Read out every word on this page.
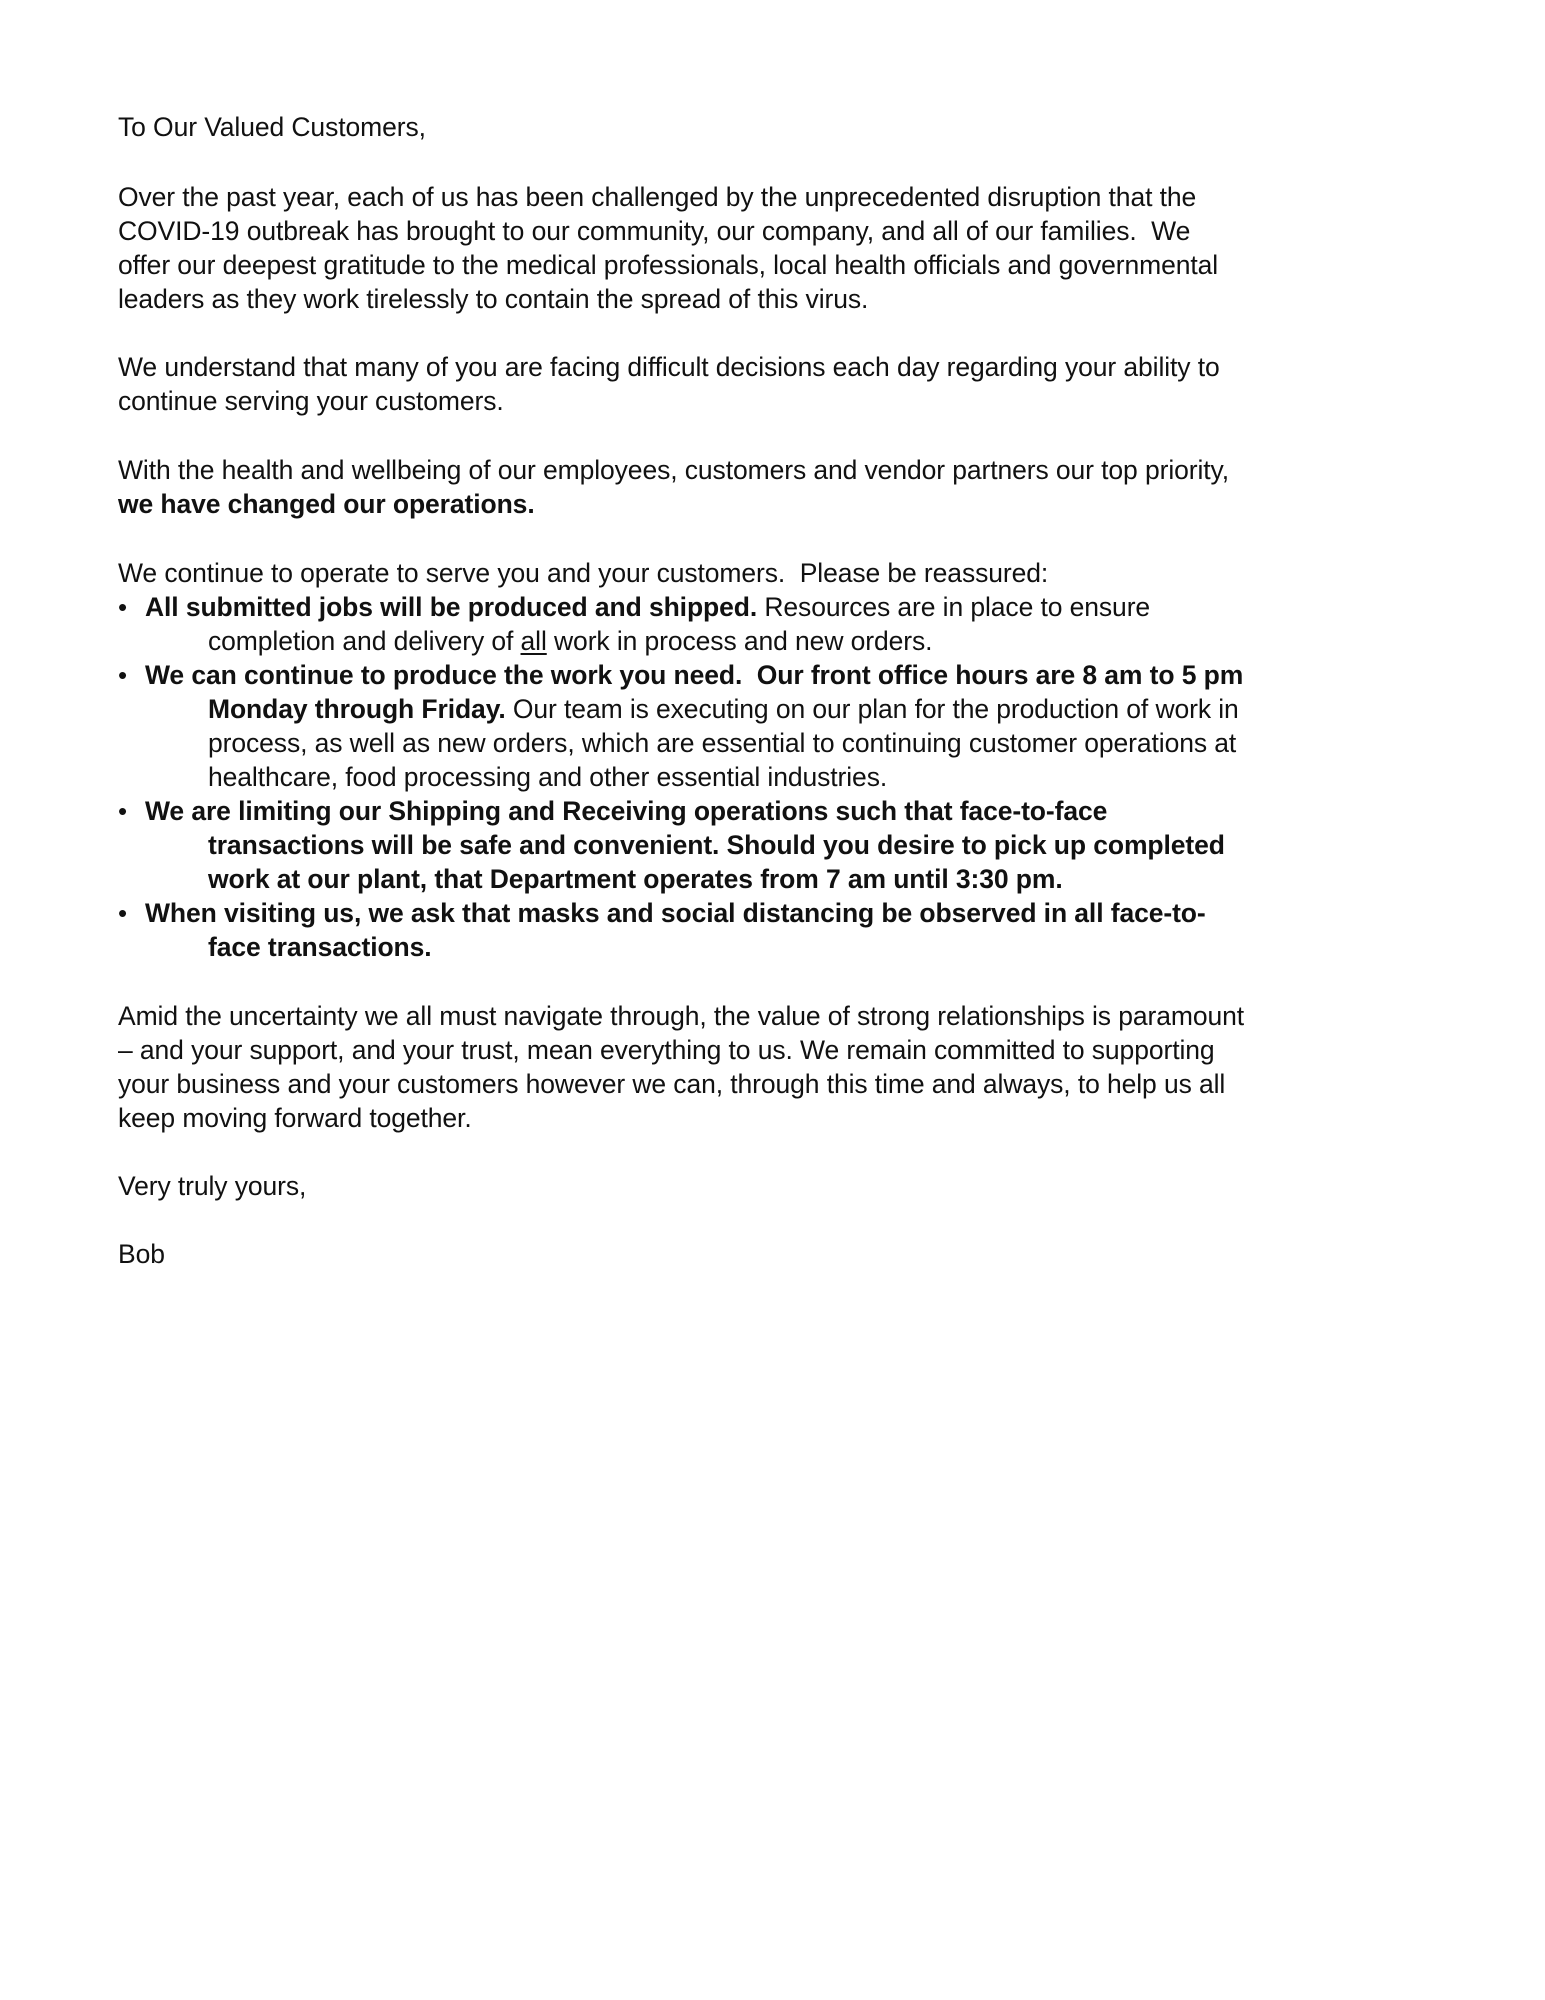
To Our Valued Customers,
Over the past year, each of us has been challenged by the unprecedented disruption that the
COVID-19 outbreak has brought to our community, our company, and all of our families.  We
offer our deepest gratitude to the medical professionals, local health officials and governmental
leaders as they work tirelessly to contain the spread of this virus.
We understand that many of you are facing difficult decisions each day regarding your ability to
continue serving your customers.
With the health and wellbeing of our employees, customers and vendor partners our top priority,
we have changed our operations.
We continue to operate to serve you and your customers.  Please be reassured:
• All submitted jobs will be produced and shipped. Resources are in place to ensure
completion and delivery of all work in process and new orders.
• We can continue to produce the work you need.  Our front office hours are 8 am to 5 pm
Monday through Friday. Our team is executing on our plan for the production of work in
process, as well as new orders, which are essential to continuing customer operations at
healthcare, food processing and other essential industries.
• We are limiting our Shipping and Receiving operations such that face-to-face
transactions will be safe and convenient. Should you desire to pick up completed
work at our plant, that Department operates from 7 am until 3:30 pm.
• When visiting us, we ask that masks and social distancing be observed in all face-to-
face transactions.
Amid the uncertainty we all must navigate through, the value of strong relationships is paramount
– and your support, and your trust, mean everything to us. We remain committed to supporting
your business and your customers however we can, through this time and always, to help us all
keep moving forward together.
Very truly yours,
Bob
